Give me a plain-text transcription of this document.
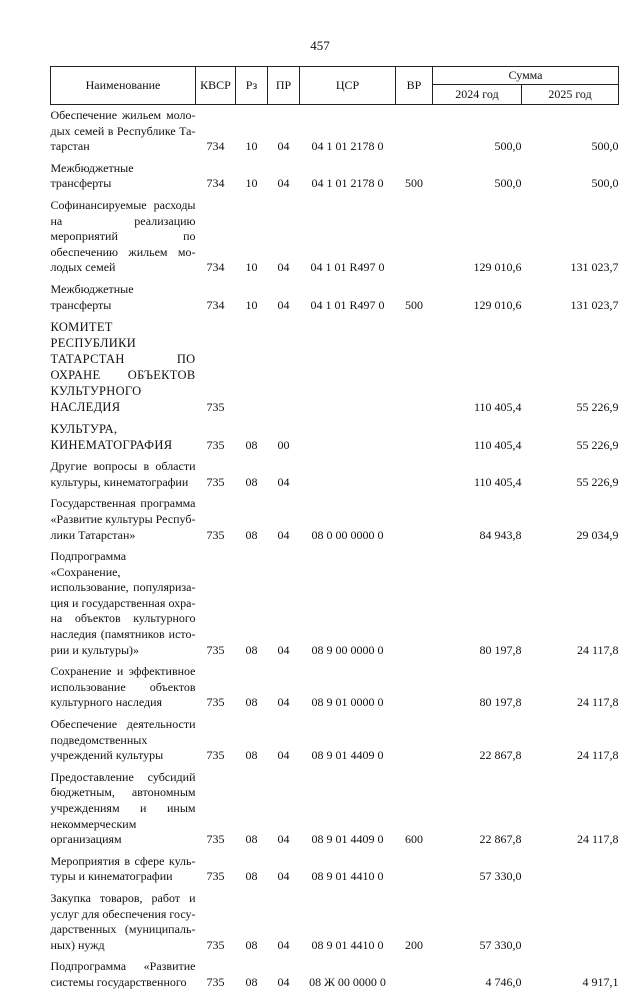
457
Наименование	КВСР	Рз	ПР	ЦСР	ВР	Сумма	
						2024 год	2025 год
Обеспечение жильем молодых семей в Республике Татарстан	734	10	04	04 1 01 2178 0		500,0	500,0
Межбюджетные трансферты	734	10	04	04 1 01 2178 0	500	500,0	500,0
Софинансируемые расходы на реализацию мероприятий по обеспечению жильем молодых семей	734	10	04	04 1 01 R497 0		129 010,6	131 023,7
Межбюджетные трансферты	734	10	04	04 1 01 R497 0	500	129 010,6	131 023,7
КОМИТЕТ РЕСПУБЛИКИ ТАТАРСТАН ПО ОХРАНЕ ОБЪЕКТОВ КУЛЬТУРНОГО НАСЛЕДИЯ	735					110 405,4	55 226,9
КУЛЬТУРА, КИНЕМАТОГРАФИЯ	735	08	00			110 405,4	55 226,9
Другие вопросы в области культуры, кинематографии	735	08	04			110 405,4	55 226,9
Государственная программа «Развитие культуры Республики Татарстан»	735	08	04	08 0 00 0000 0		84 943,8	29 034,9
Подпрограмма «Сохранение, использование, популяризация и государственная охрана объектов культурного наследия (памятников истории и культуры)»	735	08	04	08 9 00 0000 0		80 197,8	24 117,8
Сохранение и эффективное использование объектов культурного наследия	735	08	04	08 9 01 0000 0		80 197,8	24 117,8
Обеспечение деятельности подведомственных учреждений культуры	735	08	04	08 9 01 4409 0		22 867,8	24 117,8
Предоставление субсидий бюджетным, автономным учреждениям и иным некоммерческим организациям	735	08	04	08 9 01 4409 0	600	22 867,8	24 117,8
Мероприятия в сфере культуры и кинематографии	735	08	04	08 9 01 4410 0		57 330,0	
Закупка товаров, работ и услуг для обеспечения государственных (муниципальных) нужд	735	08	04	08 9 01 4410 0	200	57 330,0	
Подпрограмма «Развитие системы государственного	735	08	04	08 Ж 00 0000 0		4 746,0	4 917,1
